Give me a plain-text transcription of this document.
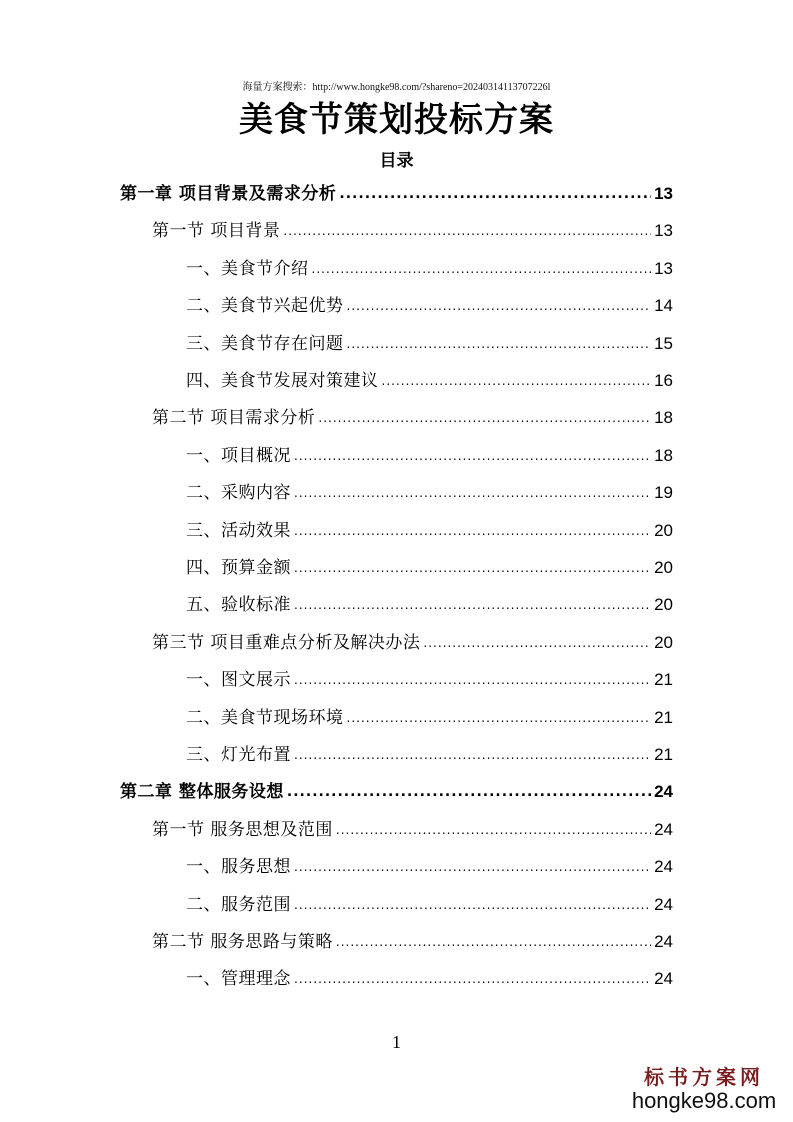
海量方案搜索：http://www.hongke98.com/?shareno=20240314113707226l
美食节策划投标方案
目录
第一章 项目背景及需求分析 .....	13
第一节 项目背景 .....	13
一、美食节介绍 .....	13
二、美食节兴起优势 .....	14
三、美食节存在问题 .....	15
四、美食节发展对策建议 .....	16
第二节 项目需求分析 .....	18
一、项目概况 .....	18
二、采购内容 .....	19
三、活动效果 .....	20
四、预算金额 .....	20
五、验收标准 .....	20
第三节 项目重难点分析及解决办法 .....	20
一、图文展示 .....	21
二、美食节现场环境 .....	21
三、灯光布置 .....	21
第二章 整体服务设想 .....	24
第一节 服务思想及范围 .....	24
一、服务思想 .....	24
二、服务范围 .....	24
第二节 服务思路与策略 .....	24
一、管理理念 .....	24
1
标书方案网
hongke98.com
